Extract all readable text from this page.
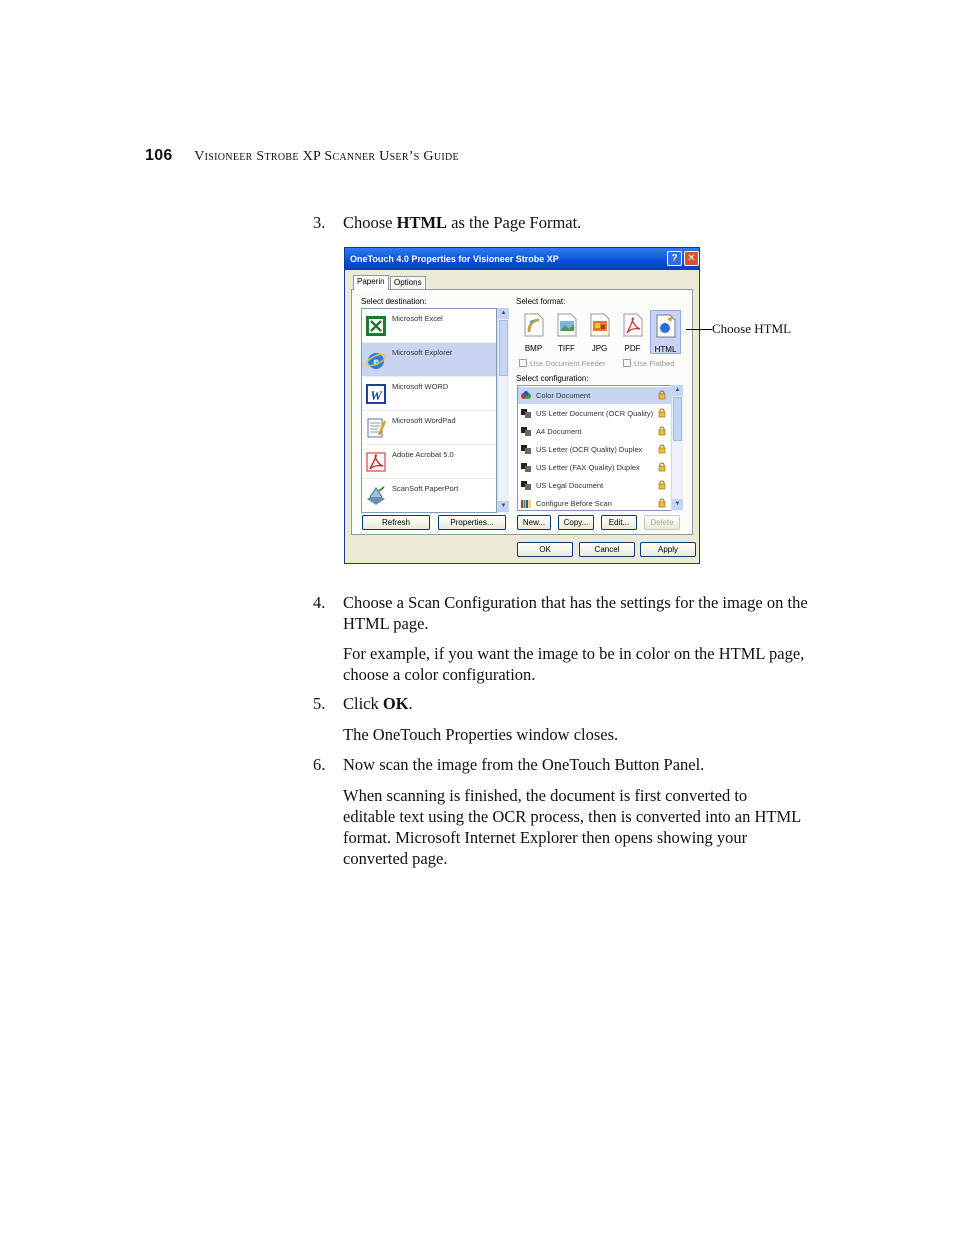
106 Visioneer Strobe XP Scanner User’s Guide
3. Choose HTML as the Page Format.
OneTouch 4.0 Properties for Visioneer Strobe XP	? ✕
Paperin	Options
Select destination:	Select format:
Microsoft Excel
e
Microsoft Explorer
W
Microsoft WORD
Microsoft WordPad
Adobe Acrobat 5.0
ScanSoft PaperPort
▲
▼
BMP	TIFF	JPG	PDF	HTML
Use Document Feeder	Use Flatbed
Select configuration:
Color Document
US Letter Document (OCR Quality)
A4 Document
US Letter (OCR Quality) Duplex
US Letter (FAX Quality) Duplex
US Legal Document
Configure Before Scan
▲
▼
Refresh	Properties...	New...	Copy...	Edit...	Delete
OK	Cancel	Apply
Choose HTML
4. Choose a Scan Configuration that has the settings for the image on the HTML page.
For example, if you want the image to be in color on the HTML page, choose a color configuration.
5. Click OK.
The OneTouch Properties window closes.
6. Now scan the image from the OneTouch Button Panel.
When scanning is finished, the document is first converted to editable text using the OCR process, then is converted into an HTML format. Microsoft Internet Explorer then opens showing your converted page.
